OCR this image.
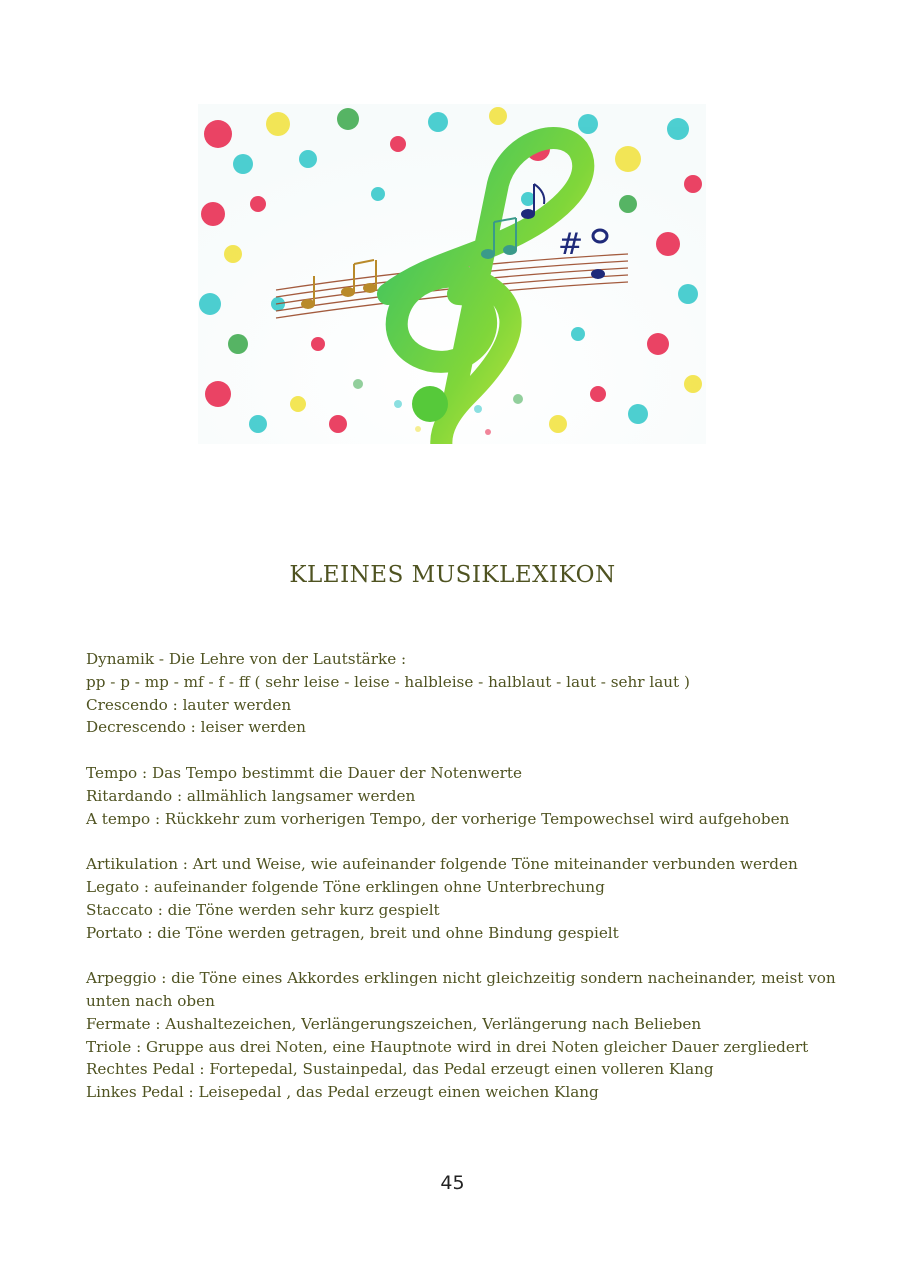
#
KLEINES MUSIKLEXIKON
Dynamik - Die Lehre von der Lautstärke :
pp - p - mp - mf - f - ff ( sehr leise - leise - halbleise - halblaut - laut - sehr laut )
Crescendo : lauter werden
Decrescendo : leiser werden
Tempo : Das Tempo bestimmt die Dauer der Notenwerte
Ritardando : allmählich langsamer werden
A tempo : Rückkehr zum vorherigen Tempo, der vorherige Tempowechsel wird aufgehoben
Artikulation : Art und Weise, wie aufeinander folgende Töne miteinander verbunden werden
Legato : aufeinander folgende Töne erklingen ohne Unterbrechung
Staccato : die Töne werden sehr kurz gespielt
Portato : die Töne werden getragen, breit und ohne Bindung gespielt
Arpeggio : die Töne eines Akkordes erklingen nicht gleichzeitig sondern nacheinander, meist von unten nach oben
Fermate : Aushaltezeichen, Verlängerungszeichen, Verlängerung nach Belieben
Triole : Gruppe aus drei Noten, eine Hauptnote wird in drei Noten gleicher Dauer zergliedert
Rechtes Pedal : Fortepedal, Sustainpedal, das Pedal erzeugt einen volleren Klang
Linkes Pedal : Leisepedal , das Pedal erzeugt einen weichen Klang
45
